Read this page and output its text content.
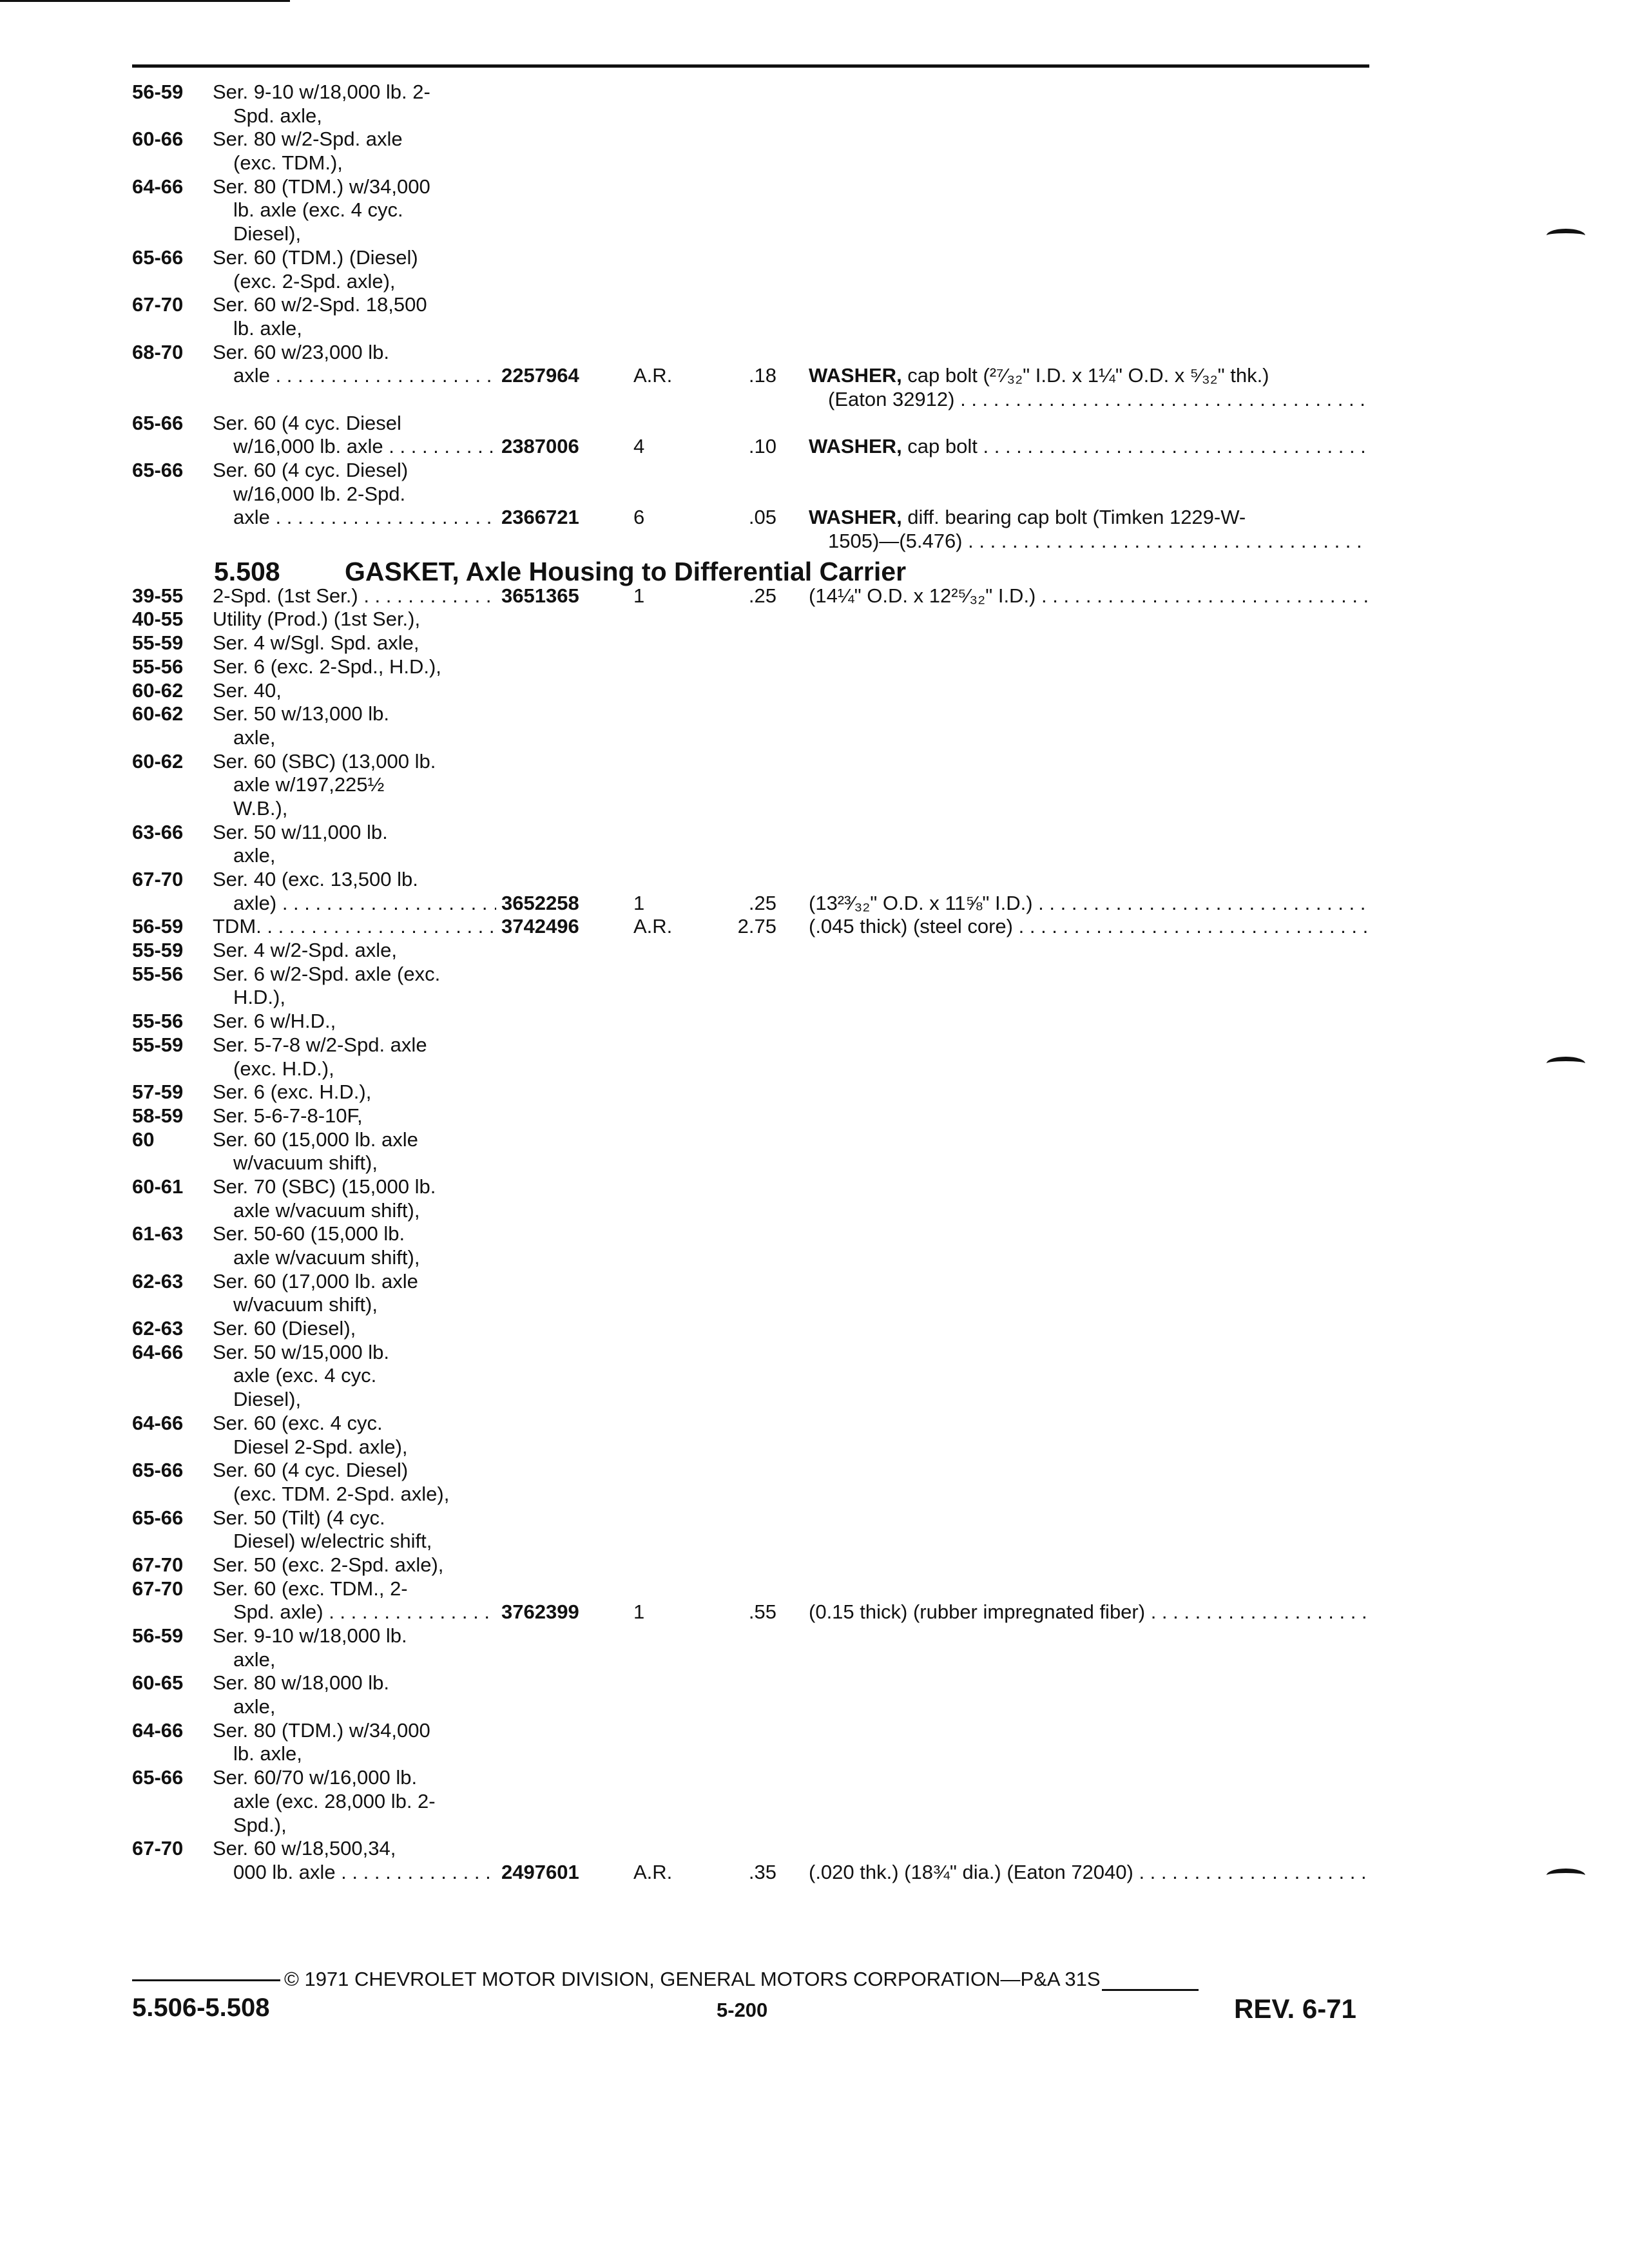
56-59	Ser. 9-10 w/18,000 lb. 2-
Spd. axle,
60-66	Ser. 80 w/2-Spd. axle
(exc. TDM.),
64-66	Ser. 80 (TDM.) w/34,000
lb. axle (exc. 4 cyc.
Diesel),
65-66	Ser. 60 (TDM.) (Diesel)
(exc. 2-Spd. axle),
67-70	Ser. 60 w/2-Spd. 18,500
lb. axle,
68-70	Ser. 60 w/23,000 lb.
axle . . .	2257964	A.R.	.18 WASHER, cap bolt (²⁷⁄₃₂" I.D. x 1¼" O.D. x ⁵⁄₃₂" thk.)
(Eaton 32912) . . .
65-66	Ser. 60 (4 cyc. Diesel
w/16,000 lb. axle . . .	2387006	4	.10 WASHER, cap bolt . . .
65-66	Ser. 60 (4 cyc. Diesel)
w/16,000 lb. 2-Spd.
axle . . .	2366721	6	.05 WASHER, diff. bearing cap bolt (Timken 1229-W-
1505)—(5.476) . . .
5.508 GASKET, Axle Housing to Differential Carrier
39-55	2-Spd. (1st Ser.) . . .	3651365	1	.25 (14¼" O.D. x 12²⁵⁄₃₂" I.D.) . . .
40-55	Utility (Prod.) (1st Ser.),
55-59	Ser. 4 w/Sgl. Spd. axle,
55-56	Ser. 6 (exc. 2-Spd., H.D.),
60-62	Ser. 40,
60-62	Ser. 50 w/13,000 lb.
axle,
60-62	Ser. 60 (SBC) (13,000 lb.
axle w/197,225½
W.B.),
63-66	Ser. 50 w/11,000 lb.
axle,
67-70	Ser. 40 (exc. 13,500 lb.
axle) . . .	3652258	1	.25 (13²³⁄₃₂" O.D. x 11⅝" I.D.) . . .
56-59	TDM. . . .	3742496	A.R.	2.75 (.045 thick) (steel core) . . .
55-59	Ser. 4 w/2-Spd. axle,
55-56	Ser. 6 w/2-Spd. axle (exc.
H.D.),
55-56	Ser. 6 w/H.D.,
55-59	Ser. 5-7-8 w/2-Spd. axle
(exc. H.D.),
57-59	Ser. 6 (exc. H.D.),
58-59	Ser. 5-6-7-8-10F,
60	Ser. 60 (15,000 lb. axle
w/vacuum shift),
60-61	Ser. 70 (SBC) (15,000 lb.
axle w/vacuum shift),
61-63	Ser. 50-60 (15,000 lb.
axle w/vacuum shift),
62-63	Ser. 60 (17,000 lb. axle
w/vacuum shift),
62-63	Ser. 60 (Diesel),
64-66	Ser. 50 w/15,000 lb.
axle (exc. 4 cyc.
Diesel),
64-66	Ser. 60 (exc. 4 cyc.
Diesel 2-Spd. axle),
65-66	Ser. 60 (4 cyc. Diesel)
(exc. TDM. 2-Spd. axle),
65-66	Ser. 50 (Tilt) (4 cyc.
Diesel) w/electric shift,
67-70	Ser. 50 (exc. 2-Spd. axle),
67-70	Ser. 60 (exc. TDM., 2-
Spd. axle) . . .	3762399	1	.55 (0.15 thick) (rubber impregnated fiber) . . .
56-59	Ser. 9-10 w/18,000 lb.
axle,
60-65	Ser. 80 w/18,000 lb.
axle,
64-66	Ser. 80 (TDM.) w/34,000
lb. axle,
65-66	Ser. 60/70 w/16,000 lb.
axle (exc. 28,000 lb. 2-
Spd.),
67-70	Ser. 60 w/18,500,34,
000 lb. axle . . .	2497601	A.R.	.35 (.020 thk.) (18¾" dia.) (Eaton 72040) . . .
© 1971 CHEVROLET MOTOR DIVISION, GENERAL MOTORS CORPORATION—P&A 31S
5.506-5.508	5-200	REV. 6-71
